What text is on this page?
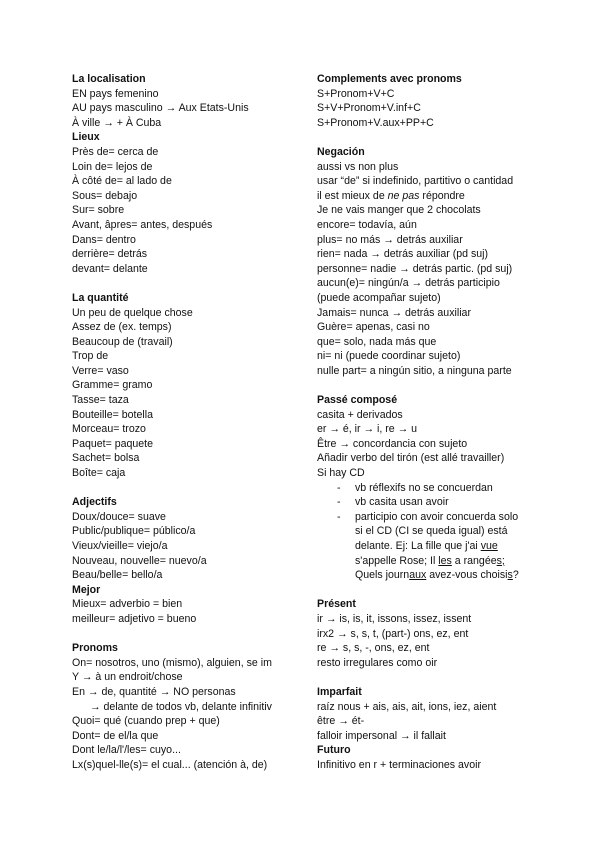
La localisation
EN pays femenino
AU pays masculino → Aux Etats-Unis
À ville → + À Cuba
Lieux
Près de= cerca de
Loin de= lejos de
À côté de= al lado de
Sous= debajo
Sur= sobre
Avant, âpres= antes, después
Dans= dentro
derrière= detrás
devant= delante
La quantité
Un peu de quelque chose
Assez de (ex. temps)
Beaucoup de (travail)
Trop de
Verre= vaso
Gramme= gramo
Tasse= taza
Bouteille= botella
Morceau= trozo
Paquet= paquete
Sachet= bolsa
Boîte= caja
Adjectifs
Doux/douce= suave
Public/publique= público/a
Vieux/vieille= viejo/a
Nouveau, nouvelle= nuevo/a
Beau/belle= bello/a
Mejor
Mieux= adverbio = bien
meilleur= adjetivo = bueno
Pronoms
On= nosotros, uno (mismo), alguien, se im
Y → à un endroit/chose
En → de, quantité → NO personas
→ delante de todos vb, delante infinitiv
Quoi= qué (cuando prep + que)
Dont= de el/la que
Dont le/la/l'/les= cuyo...
Lx(s)quel-lle(s)= el cual... (atención à, de)
Complements avec pronoms
S+Pronom+V+C
S+V+Pronom+V.inf+C
S+Pronom+V.aux+PP+C
Negación
aussi vs non plus
usar “de” si indefinido, partitivo o cantidad
il est mieux de ne pas répondre
Je ne vais manger que 2 chocolats
encore= todavía, aún
plus= no más → detrás auxiliar
rien= nada → detrás auxiliar (pd suj)
personne= nadie → detrás partic. (pd suj)
aucun(e)= ningún/a → detrás participio
(puede acompañar sujeto)
Jamais= nunca → detrás auxiliar
Guère= apenas, casi no
que= solo, nada más que
ni= ni (puede coordinar sujeto)
nulle part= a ningún sitio, a ninguna parte
Passé composé
casita + derivados
er → é, ir → i, re → u
Être → concordancia con sujeto
Añadir verbo del tirón (est allé travailler)
Si hay CD
- vb réflexifs no se concuerdan
- vb casita usan avoir
- participio con avoir concuerda solo
si el CD (CI se queda igual) está
delante. Ej: La fille que j'ai vue
s'appelle Rose; Il les a rangées;
Quels journaux avez-vous choisis?
Présent
ir → is, is, it, issons, issez, issent
irx2 → s, s, t, (part-) ons, ez, ent
re → s, s, -, ons, ez, ent
resto irregulares como oir
Imparfait
raíz nous + ais, ais, ait, ions, iez, aient
être → ét-
falloir impersonal → il fallait
Futuro
Infinitivo en r + terminaciones avoir
